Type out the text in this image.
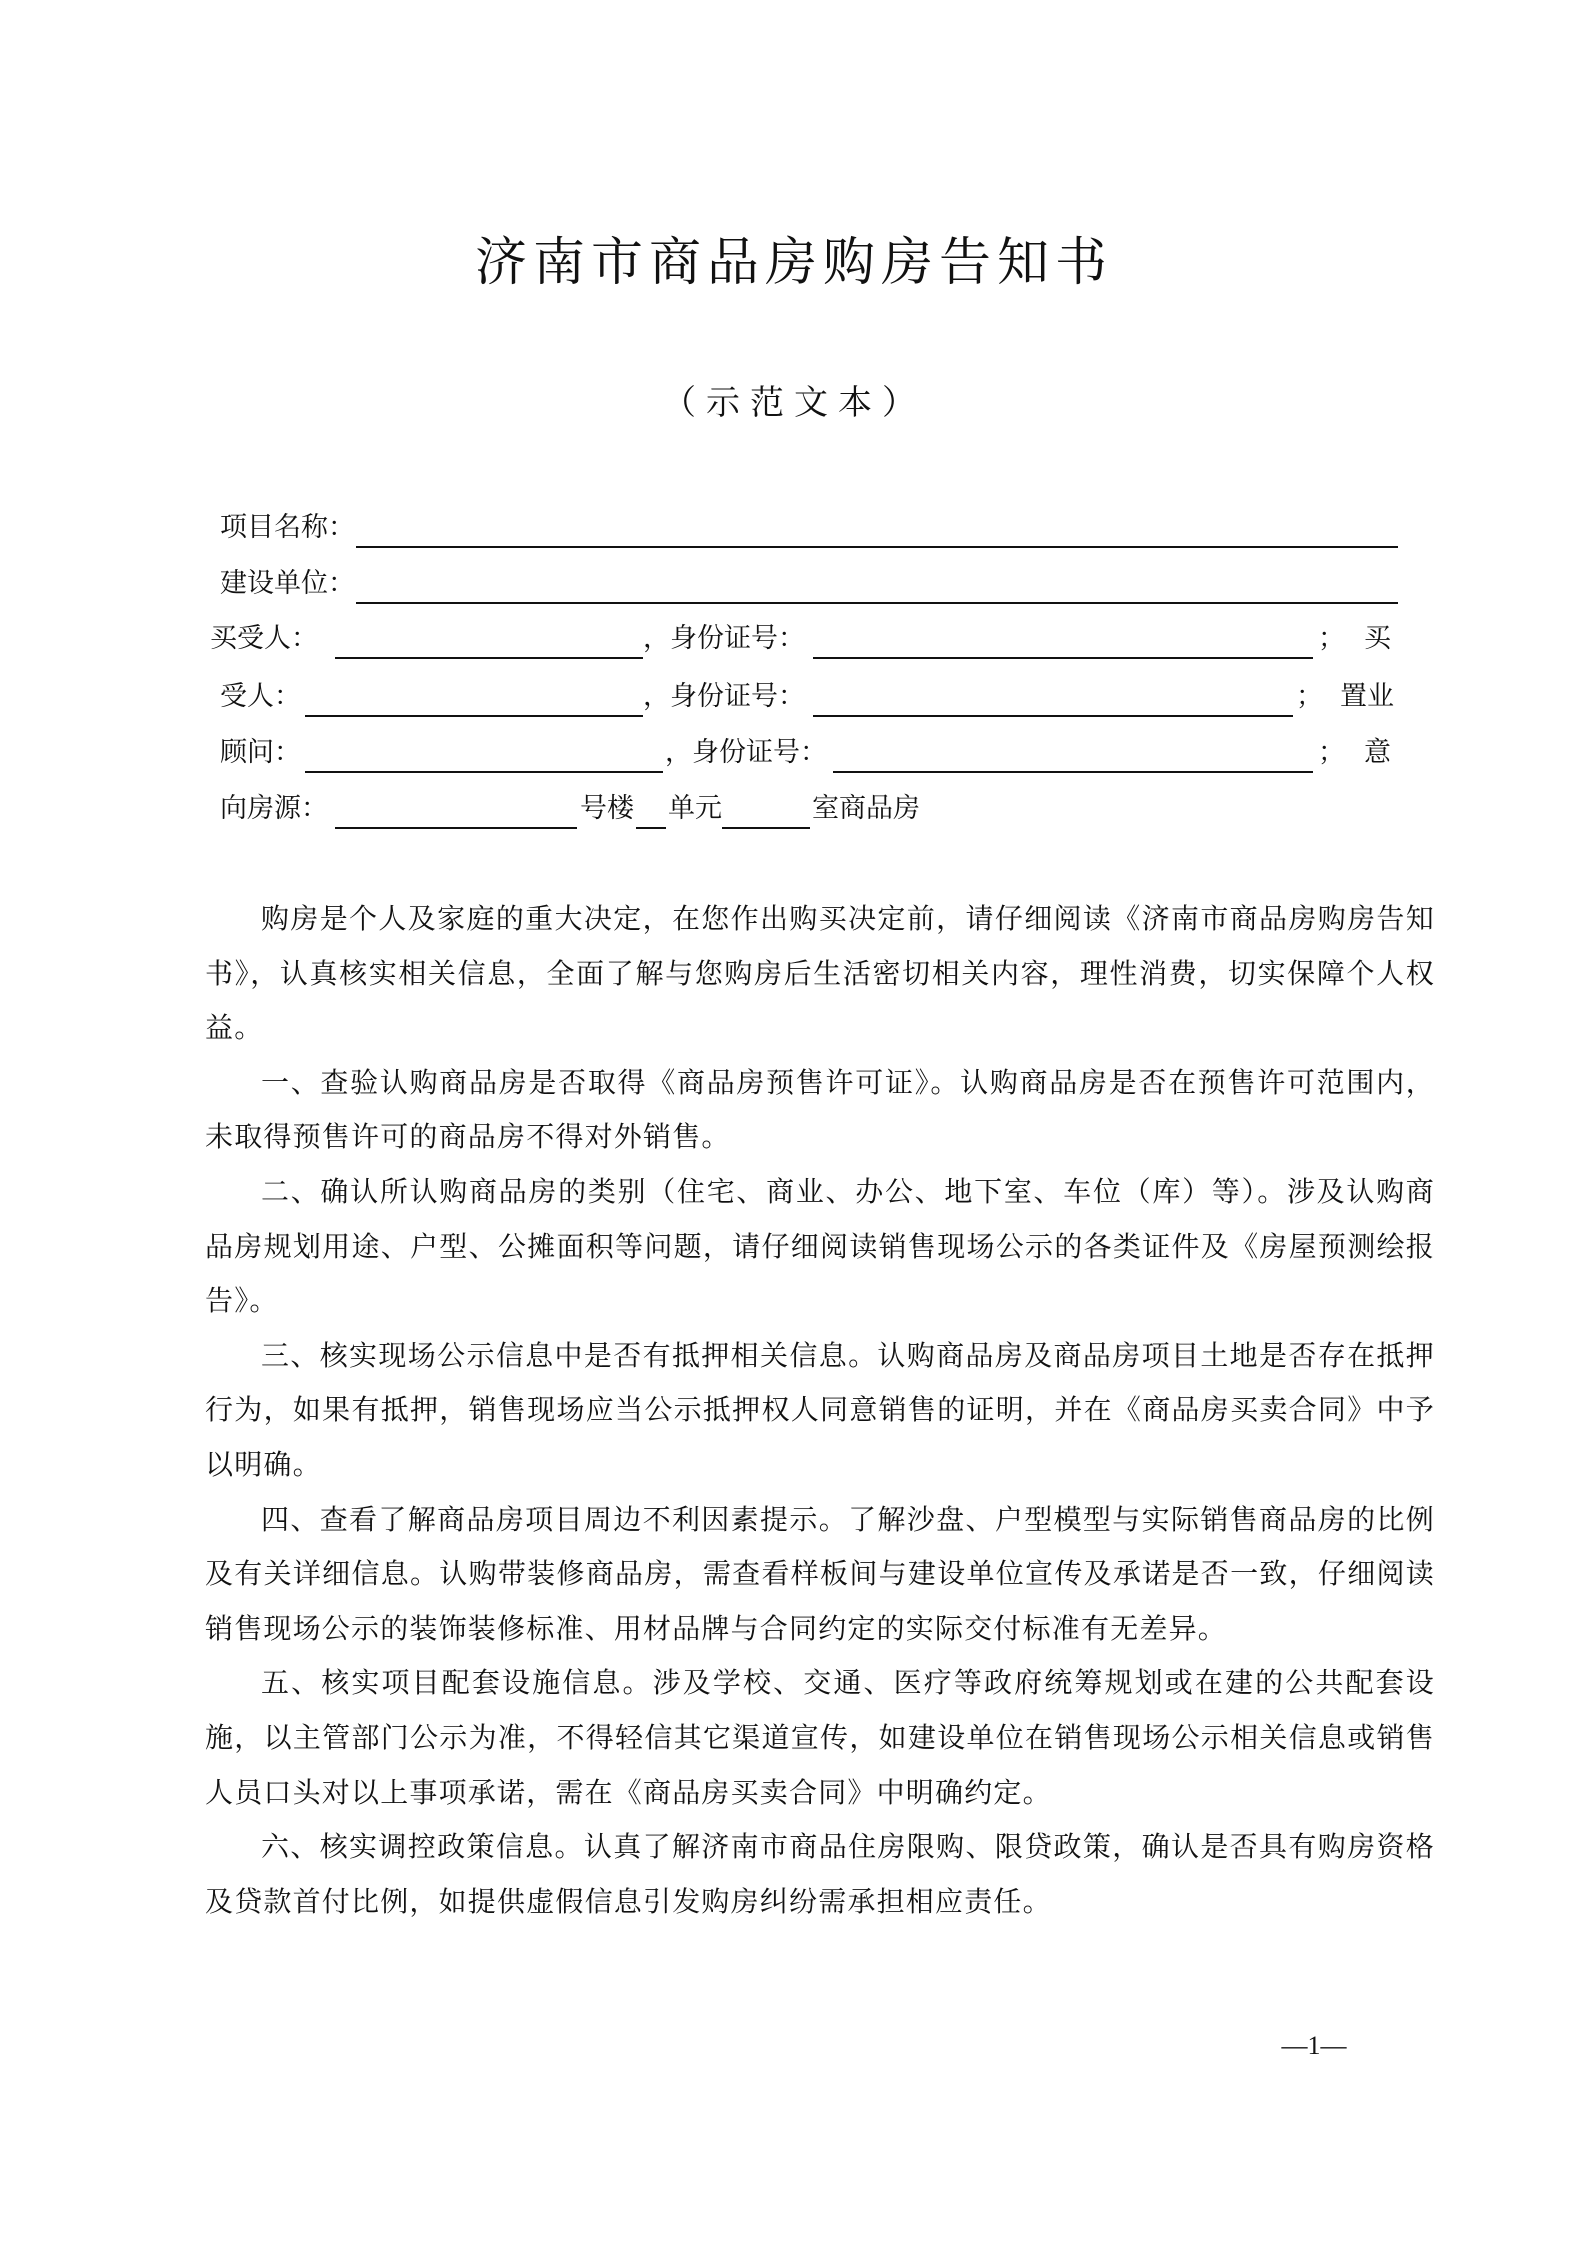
济南市商品房购房告知书
（示范文本）
项目名称：
建设单位：
买受人：	，身份证号：	； 买
受人：	，身份证号：	； 置业
顾问：	，身份证号：	； 意
向房源：	号楼 单元	室商品房

购房是个人及家庭的重大决定，在您作出购买决定前，请仔细阅读《济南市商品房购房告知书》，认真核实相关信息，全面了解与您购房后生活密切相关内容，理性消费，切实保障个人权益。

一、查验认购商品房是否取得《商品房预售许可证》。认购商品房是否在预售许可范围内，未取得预售许可的商品房不得对外销售。

二、确认所认购商品房的类别（住宅、商业、办公、地下室、车位（库）等）。涉及认购商品房规划用途、户型、公摊面积等问题，请仔细阅读销售现场公示的各类证件及《房屋预测绘报告》。

三、核实现场公示信息中是否有抵押相关信息。认购商品房及商品房项目土地是否存在抵押行为，如果有抵押，销售现场应当公示抵押权人同意销售的证明，并在《商品房买卖合同》中予以明确。

四、查看了解商品房项目周边不利因素提示。了解沙盘、户型模型与实际销售商品房的比例及有关详细信息。认购带装修商品房，需查看样板间与建设单位宣传及承诺是否一致，仔细阅读销售现场公示的装饰装修标准、用材品牌与合同约定的实际交付标准有无差异。

五、核实项目配套设施信息。涉及学校、交通、医疗等政府统筹规划或在建的公共配套设施，以主管部门公示为准，不得轻信其它渠道宣传，如建设单位在销售现场公示相关信息或销售人员口头对以上事项承诺，需在《商品房买卖合同》中明确约定。

六、核实调控政策信息。认真了解济南市商品住房限购、限贷政策，确认是否具有购房资格及贷款首付比例，如提供虚假信息引发购房纠纷需承担相应责任。

—1—
